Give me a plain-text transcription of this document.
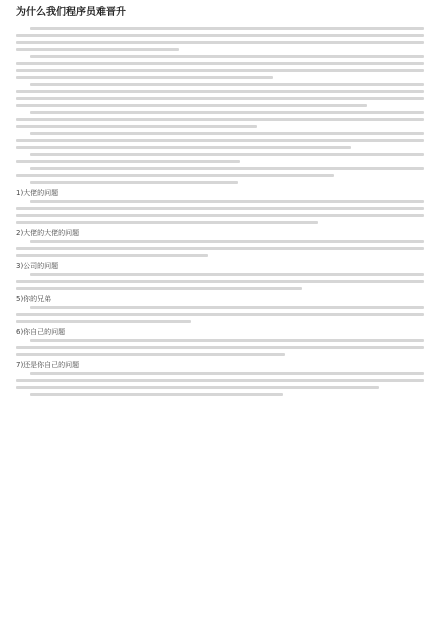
为什么我们程序员难晋升
1)大佬的问题
2)大佬的大佬的问题
3)公司的问题
5)你的兄弟
6)你自己的问题
7)还是你自己的问题
